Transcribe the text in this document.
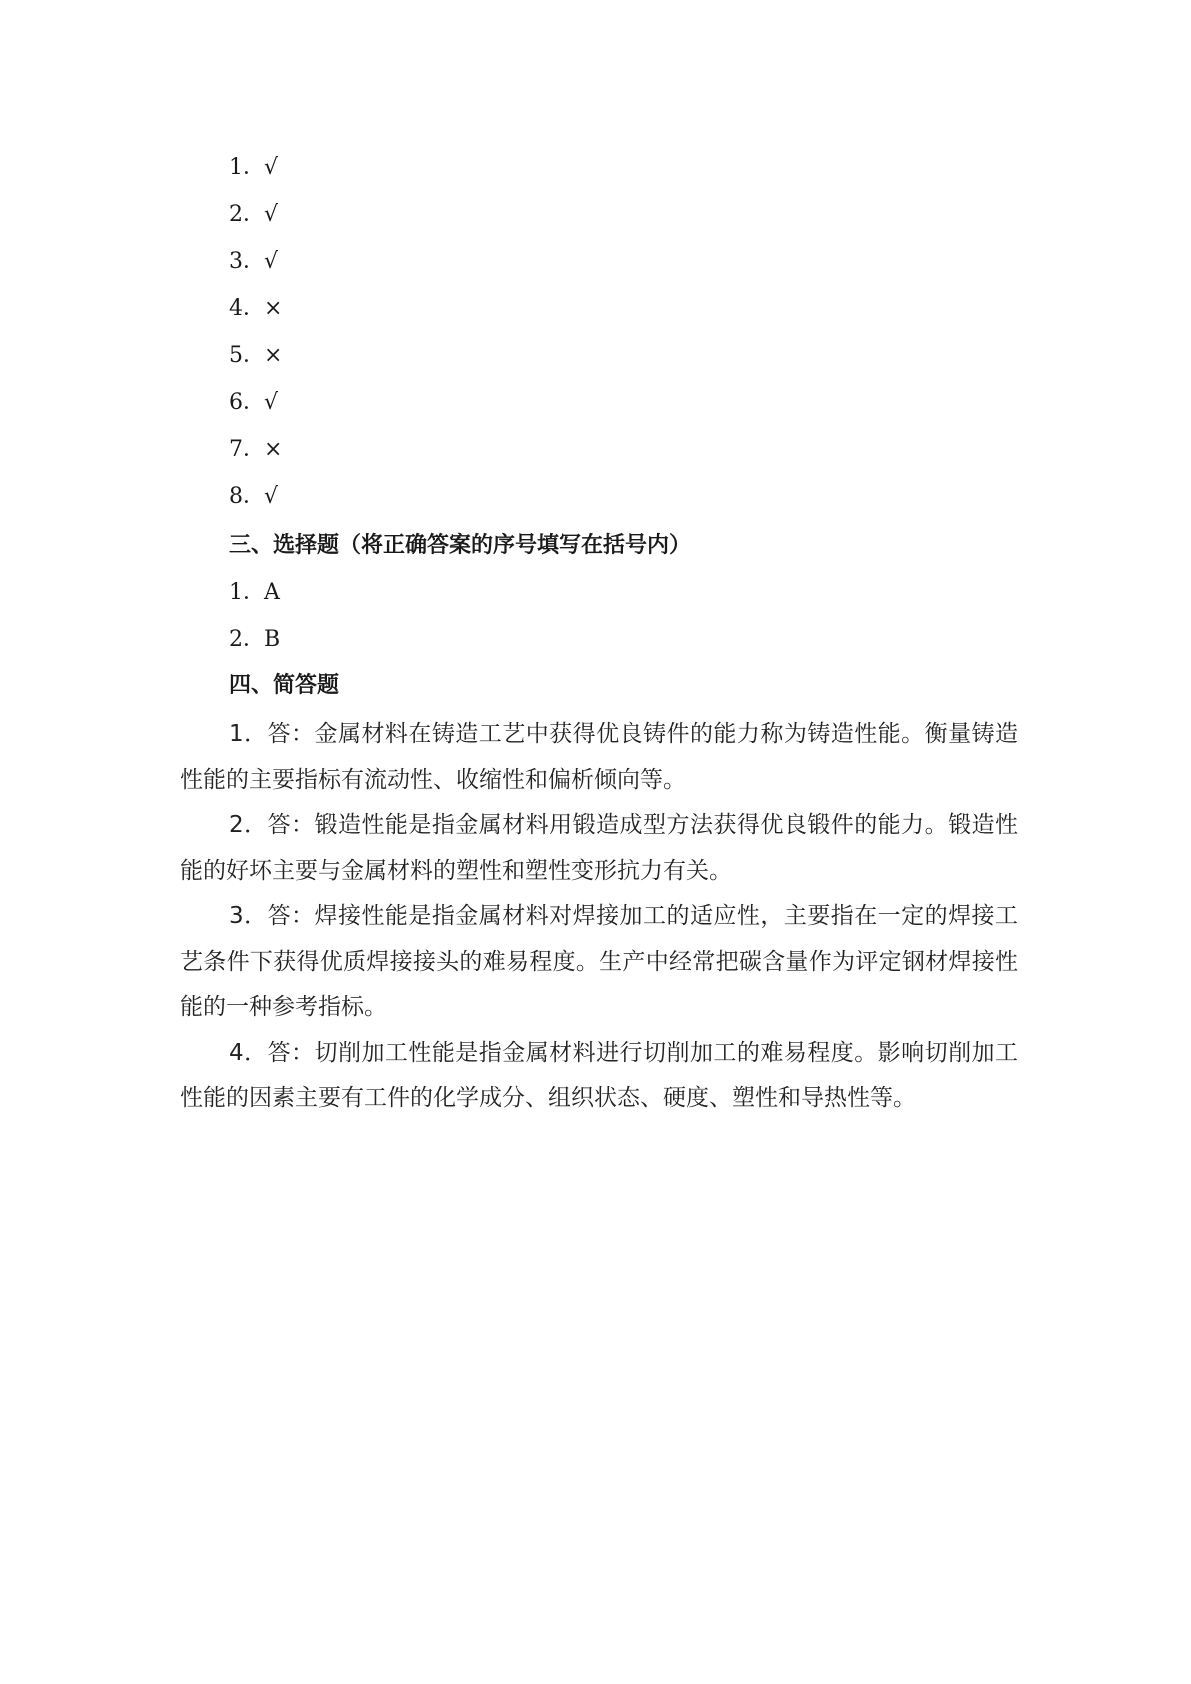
1．√
2．√
3．√
4．×
5．×
6．√
7．×
8．√
三、选择题（将正确答案的序号填写在括号内）
1．A
2．B
四、简答题

1．答：金属材料在铸造工艺中获得优良铸件的能力称为铸造性能。衡量铸造性能的主要指标有流动性、收缩性和偏析倾向等。

2．答：锻造性能是指金属材料用锻造成型方法获得优良锻件的能力。锻造性能的好坏主要与金属材料的塑性和塑性变形抗力有关。

3．答：焊接性能是指金属材料对焊接加工的适应性，主要指在一定的焊接工艺条件下获得优质焊接接头的难易程度。生产中经常把碳含量作为评定钢材焊接性能的一种参考指标。

4．答：切削加工性能是指金属材料进行切削加工的难易程度。影响切削加工性能的因素主要有工件的化学成分、组织状态、硬度、塑性和导热性等。
